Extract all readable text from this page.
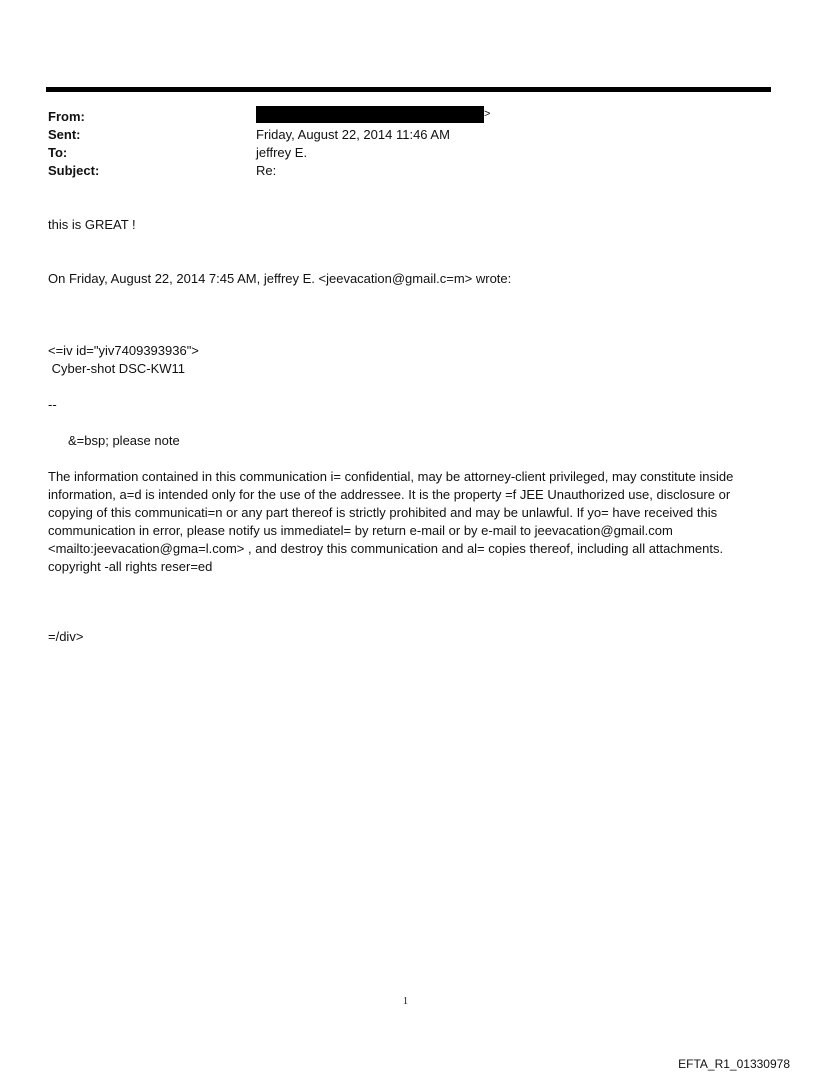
From:	>
Sent:	Friday, August 22, 2014 11:46 AM
To:	jeffrey E.
Subject:	Re:
this is GREAT !
On Friday, August 22, 2014 7:45 AM, jeffrey E. <jeevacation@gmail.c=m> wrote:
<=iv id="yiv7409393936">
Cyber-shot DSC-KW11
--
&=bsp; please note
The information contained in this communication i= confidential, may be attorney-client privileged, may constitute inside information, a=d is intended only for the use of the addressee. It is the property =f JEE Unauthorized use, disclosure or copying of this communicati=n or any part thereof is strictly prohibited and may be unlawful. If yo= have received this communication in error, please notify us immediatel= by return e-mail or by e-mail to jeevacation@gmail.com <mailto:jeevacation@gma=l.com> , and destroy this communication and al= copies thereof, including all attachments. copyright -all rights reser=ed
=/div>
1
EFTA_R1_01330978
